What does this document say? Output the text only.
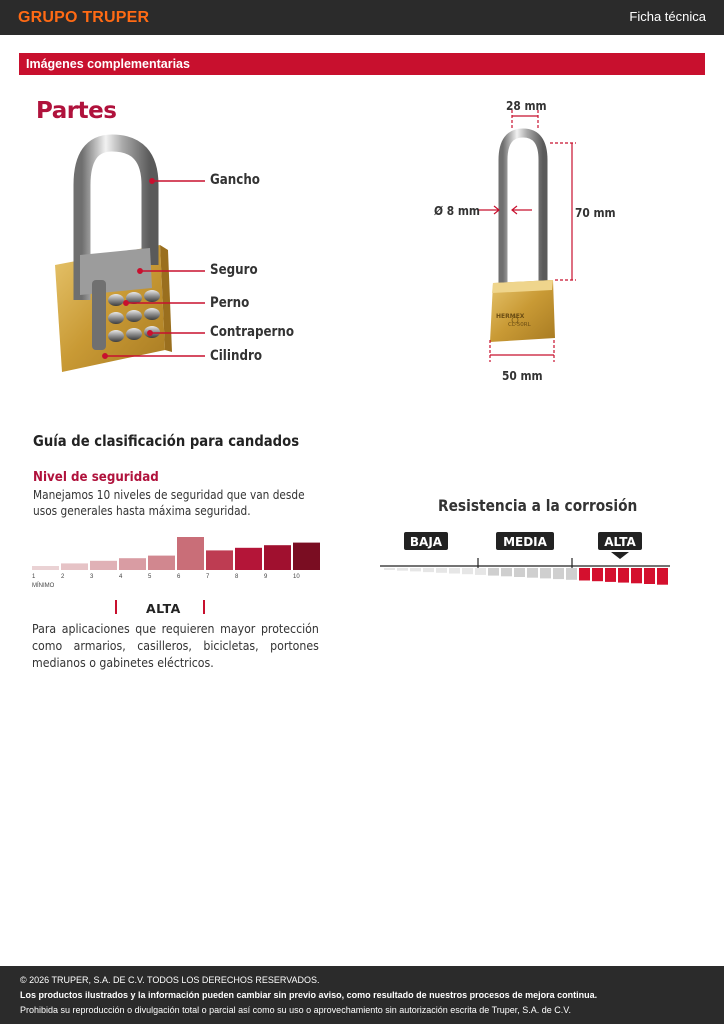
GRUPO TRUPER	Ficha técnica
Imágenes complementarias
Partes
Gancho
Seguro
Perno
Contraperno
Cilindro
28 mm
Ø 8 mm	70 mm
50 mm
HERMEX
CL-50RL
Guía de clasificación para candados
Nivel de seguridad
Manejamos 10 niveles de seguridad que van desde usos generales hasta máxima seguridad.
1	2	3	4	5	6	7	8	9	10
MÍNIMO
ALTA
Para aplicaciones que requieren mayor protección como armarios, casilleros, bicicletas, portones medianos o gabinetes eléctricos.
Resistencia a la corrosión
BAJA	MEDIA	ALTA

© 2026 TRUPER, S.A. DE C.V. TODOS LOS DERECHOS RESERVADOS.

Los productos ilustrados y la información pueden cambiar sin previo aviso, como resultado de nuestros procesos de mejora continua.

Prohibida su reproducción o divulgación total o parcial así como su uso o aprovechamiento sin autorización escrita de Truper, S.A. de C.V.
